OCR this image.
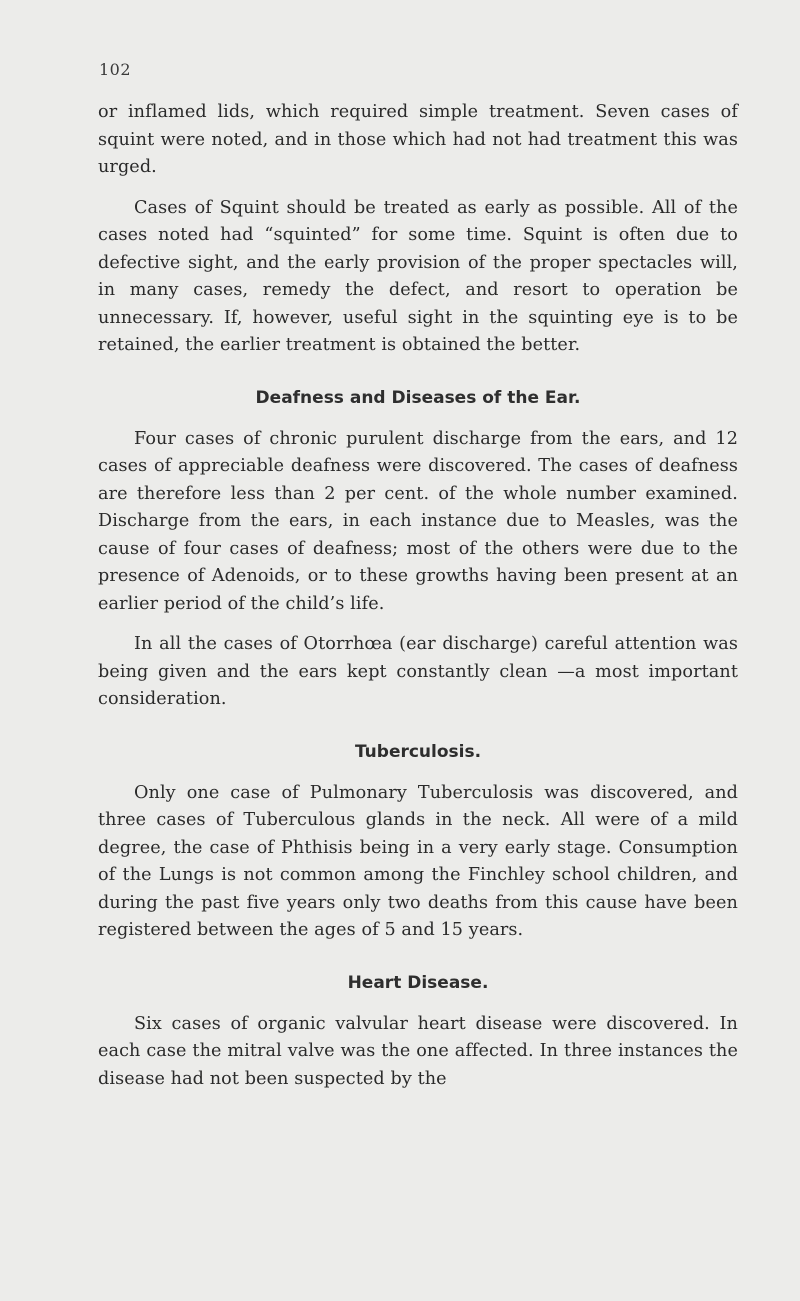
102

or inflamed lids, which required simple treatment. Seven cases of squint were noted, and in those which had not had treatment this was urged.

Cases of Squint should be treated as early as possible. All of the cases noted had “squinted” for some time. Squint is often due to defective sight, and the early provision of the proper spectacles will, in many cases, remedy the defect, and resort to operation be unnecessary. If, however, useful sight in the squinting eye is to be retained, the earlier treatment is obtained the better.

Deafness and Diseases of the Ear.

Four cases of chronic purulent discharge from the ears, and 12 cases of appreciable deafness were discovered. The cases of deafness are therefore less than 2 per cent. of the whole number examined. Discharge from the ears, in each instance due to Measles, was the cause of four cases of deafness; most of the others were due to the presence of Adenoids, or to these growths having been present at an earlier period of the child’s life.

In all the cases of Otorrhœa (ear discharge) careful attention was being given and the ears kept constantly clean —a most important consideration.

Tuberculosis.

Only one case of Pulmonary Tuberculosis was discovered, and three cases of Tuberculous glands in the neck. All were of a mild degree, the case of Phthisis being in a very early stage. Consumption of the Lungs is not common among the Finchley school children, and during the past five years only two deaths from this cause have been registered between the ages of 5 and 15 years.

Heart Disease.

Six cases of organic valvular heart disease were discovered. In each case the mitral valve was the one affected. In three instances the disease had not been suspected by the
